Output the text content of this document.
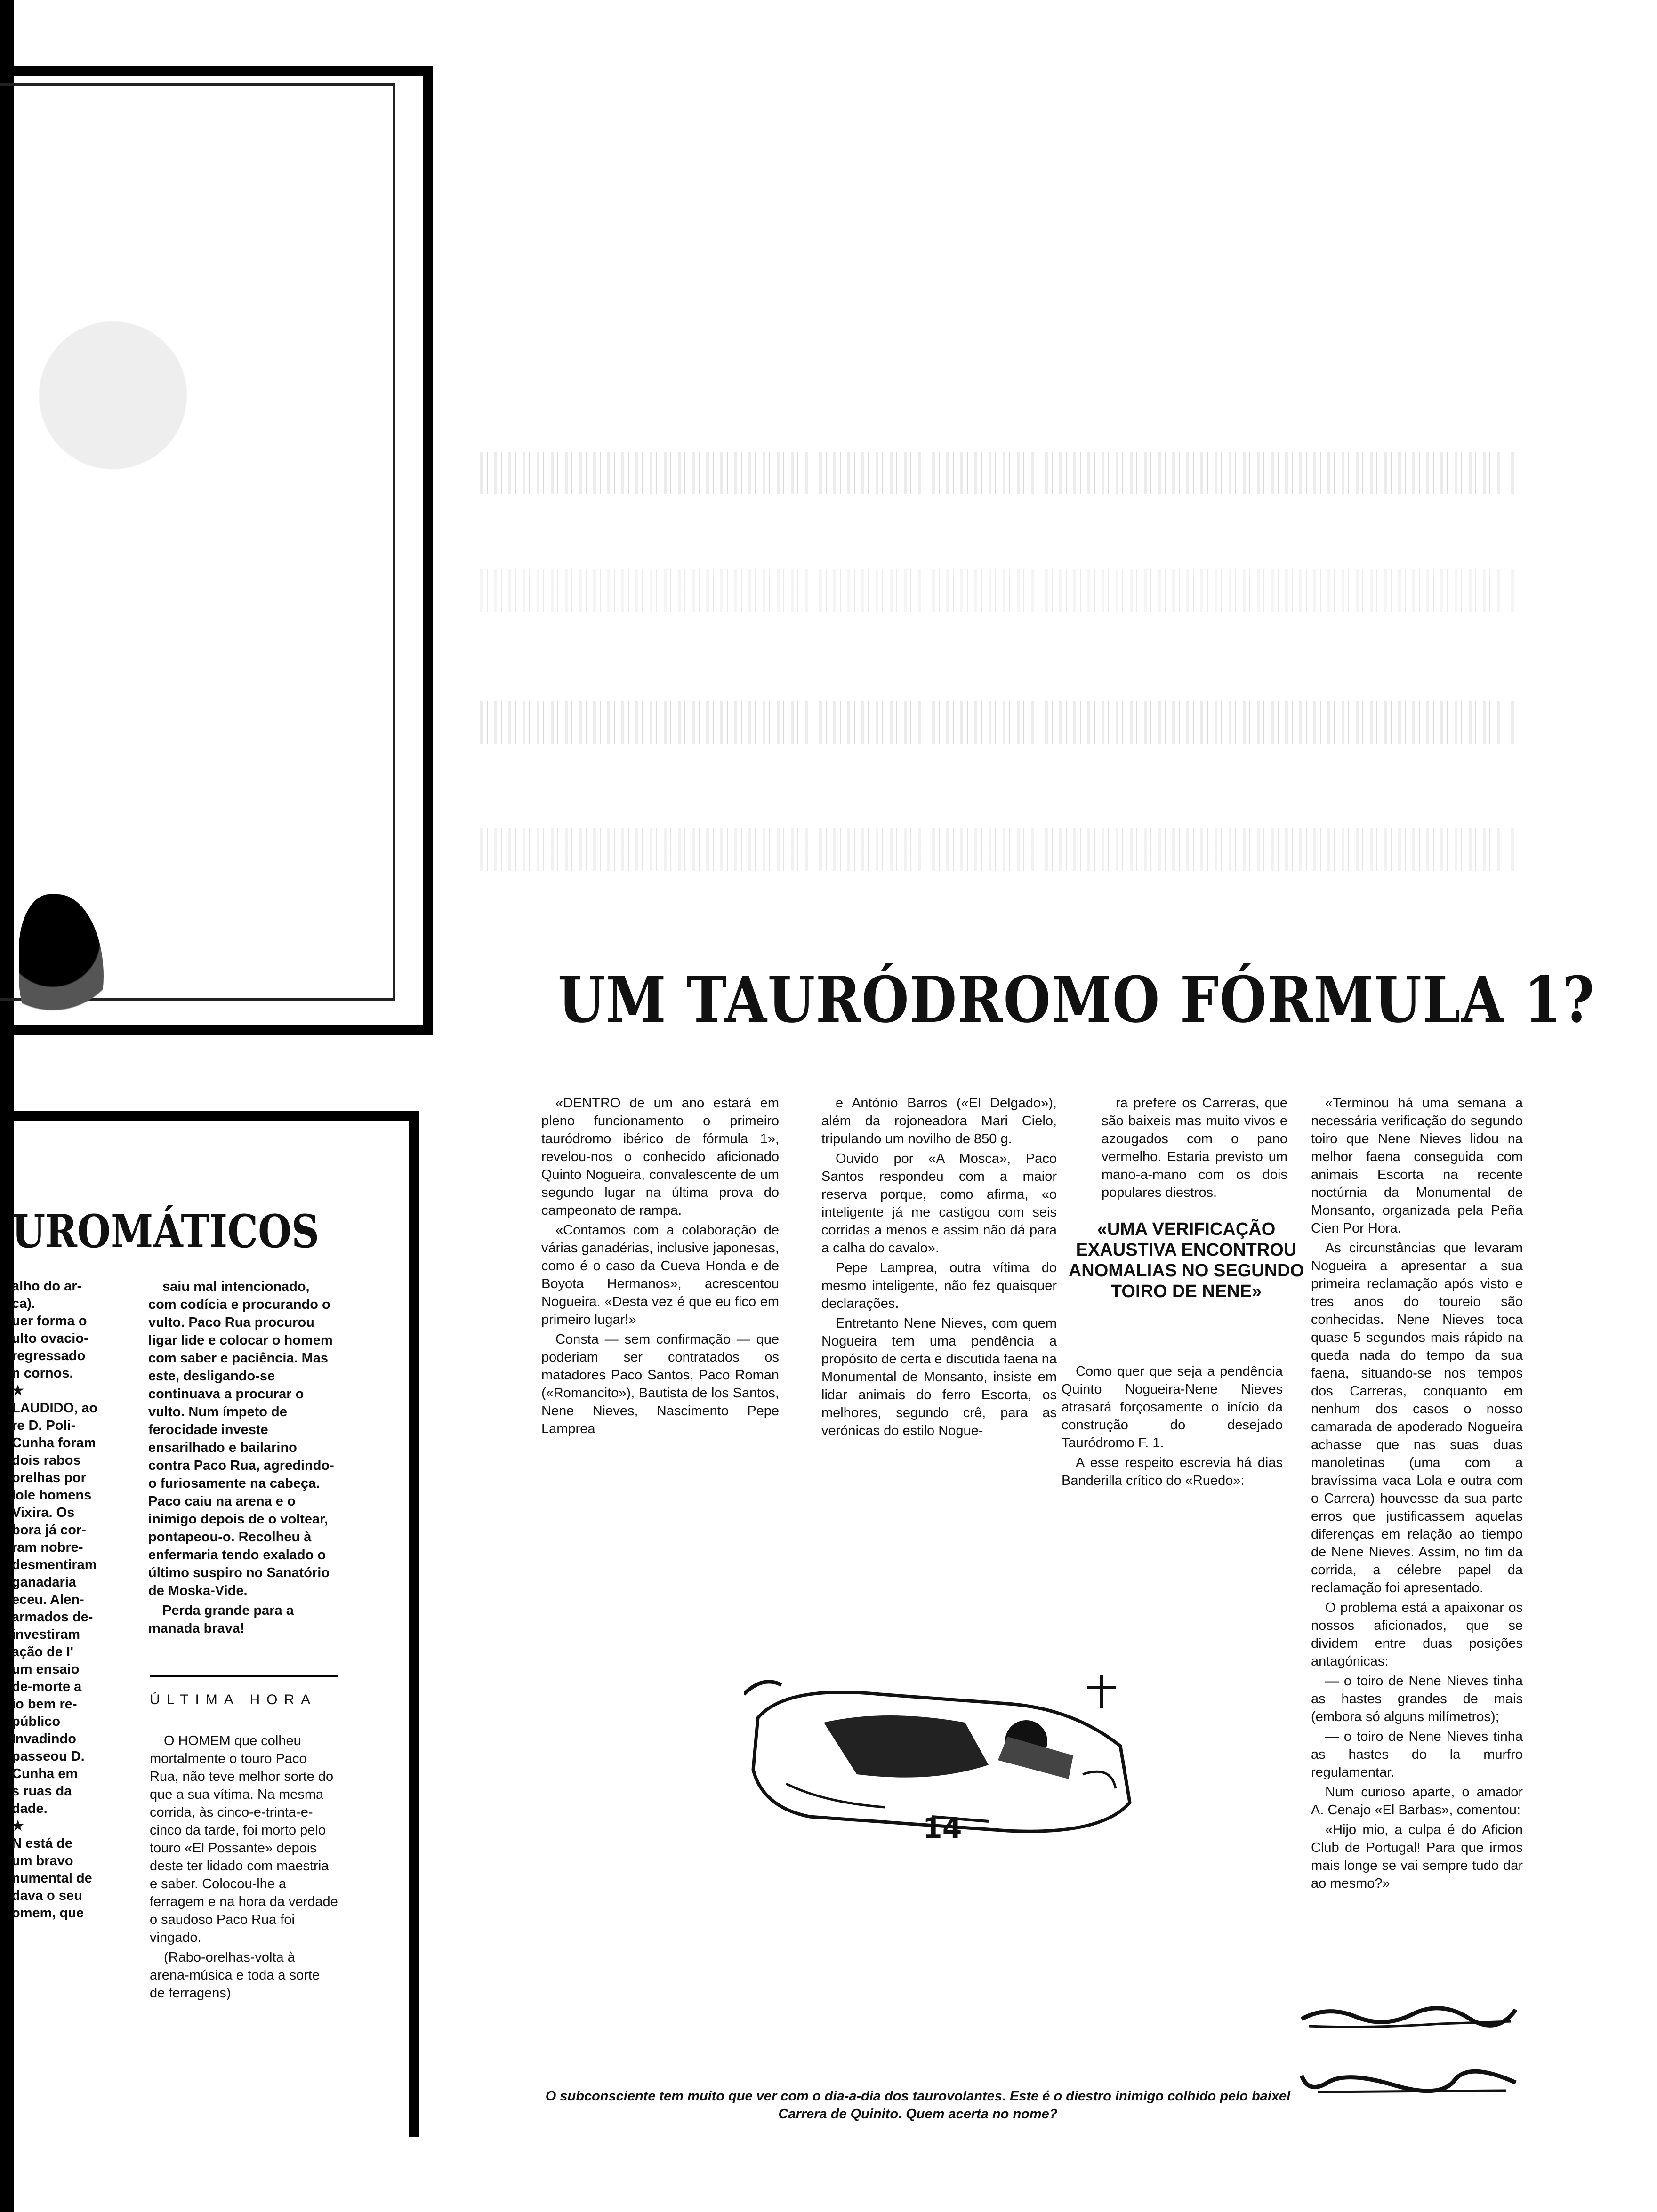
UROMÁTICOS
alho do ar-
ca).
uer forma o
ulto ovacio-
regressado
n cornos.
★
LAUDIDO, ao
re D. Poli-
Cunha foram
dois rabos
orelhas por
lole homens
Vixira. Os
bora já cor-
ram nobre-
desmentiram
ganadaria
eceu. Alen-
armados de-
investiram
ação de I'
um ensaio
de-morte a
io bem re-
público
Invadindo
passeou D.
Cunha em
s ruas da
dade.
★
N está de
um bravo
numental de
dava o seu
omem, que

saiu mal intencionado, com codícia e procurando o vulto. Paco Rua procurou ligar lide e colocar o homem com saber e paciência. Mas este, desligando-se continuava a procurar o vulto. Num ímpeto de ferocidade investe ensarilhado e bailarino contra Paco Rua, agredindo-o furiosamente na cabeça. Paco caiu na arena e o inimigo depois de o voltear, pontapeou-o. Recolheu à enfermaria tendo exalado o último suspiro no Sanatório de Moska-Vide.

Perda grande para a manada brava!

ÚLTIMA HORA

O HOMEM que colheu mortalmente o touro Paco Rua, não teve melhor sorte do que a sua vítima. Na mesma corrida, às cinco-e-trinta-e-cinco da tarde, foi morto pelo touro «El Possante» depois deste ter lidado com maestria e saber. Colocou-lhe a ferragem e na hora da verdade o saudoso Paco Rua foi vingado.

(Rabo-orelhas-volta à arena-música e toda a sorte de ferragens)

UM TAURÓDROMO FÓRMULA 1?

«DENTRO de um ano estará em pleno funcionamento o primeiro tauródromo ibérico de fórmula 1», revelou-nos o conhecido aficionado Quinto Nogueira, convalescente de um segundo lugar na última prova do campeonato de rampa.

«Contamos com a colaboração de várias ganadérias, inclusive japonesas, como é o caso da Cueva Honda e de Boyota Hermanos», acrescentou Nogueira. «Desta vez é que eu fico em primeiro lugar!»

Consta — sem confirmação — que poderiam ser contratados os matadores Paco Santos, Paco Roman («Romancito»), Bautista de los Santos, Nene Nieves, Nascimento Pepe Lamprea

e António Barros («El Delgado»), além da rojoneadora Mari Cielo, tripulando um novilho de 850 g.

Ouvido por «A Mosca», Paco Santos respondeu com a maior reserva porque, como afirma, «o inteligente já me castigou com seis corridas a menos e assim não dá para a calha do cavalo».

Pepe Lamprea, outra vítima do mesmo inteligente, não fez quaisquer declarações.

Entretanto Nene Nieves, com quem Nogueira tem uma pendência a propósito de certa e discutida faena na Monumental de Monsanto, insiste em lidar animais do ferro Escorta, os melhores, segundo crê, para as verónicas do estilo Nogue-

ra prefere os Carreras, que são baixeis mas muito vivos e azougados com o pano vermelho. Estaria previsto um mano-a-mano com os dois populares diestros.

«UMA VERIFICAÇÃO EXAUSTIVA ENCONTROU ANOMALIAS NO SEGUNDO TOIRO DE NENE»

Como quer que seja a pendência Quinto Nogueira-Nene Nieves atrasará forçosamente o início da construção do desejado Tauródromo F. 1.

A esse respeito escrevia há dias Banderilla crítico do «Ruedo»:

«Terminou há uma semana a necessária verificação do segundo toiro que Nene Nieves lidou na melhor faena conseguida com animais Escorta na recente noctúrnia da Monumental de Monsanto, organizada pela Peña Cien Por Hora.

As circunstâncias que levaram Nogueira a apresentar a sua primeira reclamação após visto e tres anos do toureio são conhecidas. Nene Nieves toca quase 5 segundos mais rápido na queda nada do tempo da sua faena, situando-se nos tempos dos Carreras, conquanto em nenhum dos casos o nosso camarada de apoderado Nogueira achasse que nas suas duas manoletinas (uma com a bravíssima vaca Lola e outra com o Carrera) houvesse da sua parte erros que justificassem aquelas diferenças em relação ao tiempo de Nene Nieves. Assim, no fim da corrida, a célebre papel da reclamação foi apresentado.

O problema está a apaixonar os nossos aficionados, que se dividem entre duas posições antagónicas:

— o toiro de Nene Nieves tinha as hastes grandes de mais (embora só alguns milímetros);

— o toiro de Nene Nieves tinha as hastes do la murfro regulamentar.

Num curioso aparte, o amador A. Cenajo «El Barbas», comentou:

«Hijo mio, a culpa é do Aficion Club de Portugal! Para que irmos mais longe se vai sempre tudo dar ao mesmo?»

14
O subconsciente tem muito que ver com o dia-a-dia dos taurovolantes. Este é o diestro inimigo colhido pelo baixel Carrera de Quinito. Quem acerta no nome?
